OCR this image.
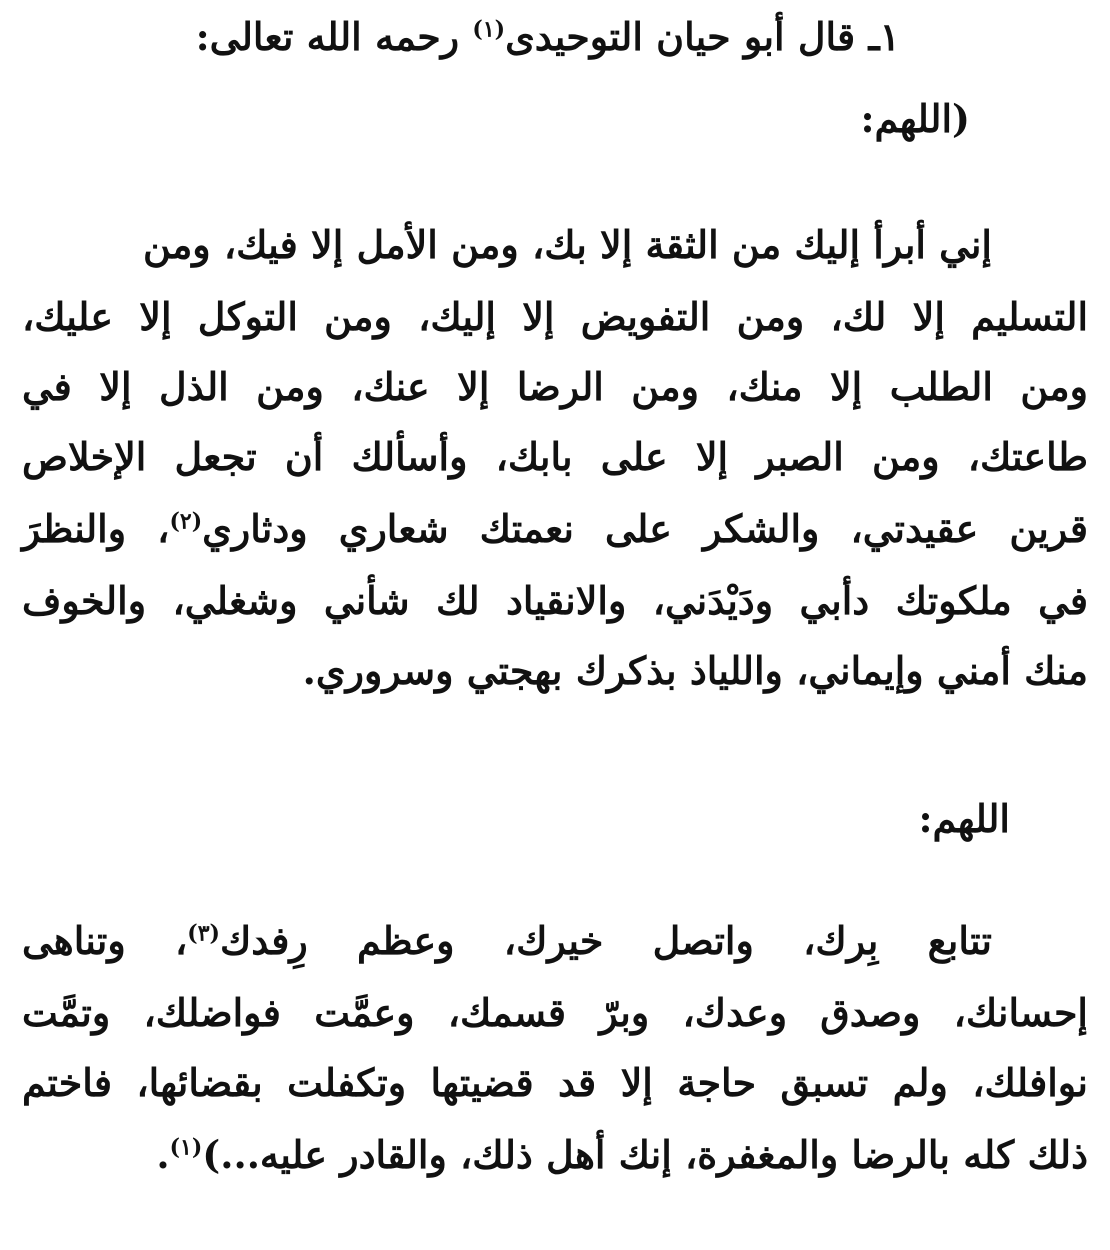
١ـ قال أبو حيان التوحيدى$^{(١)}$ رحمه الله تعالى:
(اللهم:
إني أبرأ إليك من الثقة إلا بك، ومن الأمل إلا فيك، ومن
التسليم إلا لك، ومن التفويض إلا إليك، ومن التوكل إلا عليك،
ومن الطلب إلا منك، ومن الرضا إلا عنك، ومن الذل إلا في
طاعتك، ومن الصبر إلا على بابك، وأسألك أن تجعل الإخلاص
قرين عقيدتي، والشكر على نعمتك شعاري ودثاري$^{(٢)}$، والنظرَ
في ملكوتك دأبي ودَيْدَني، والانقياد لك شأني وشغلي، والخوف
منك أمني وإيماني، واللياذ بذكرك بهجتي وسروري.
اللهم:
تتابع بِرك، واتصل خيرك، وعظم رِفدك$^{(٣)}$، وتناهى
إحسانك، وصدق وعدك، وبرّ قسمك، وعمَّت فواضلك، وتمَّت
نوافلك، ولم تسبق حاجة إلا قد قضيتها وتكفلت بقضائها، فاختم
ذلك كله بالرضا والمغفرة، إنك أهل ذلك، والقادر عليه...)$^{(١)}$.
